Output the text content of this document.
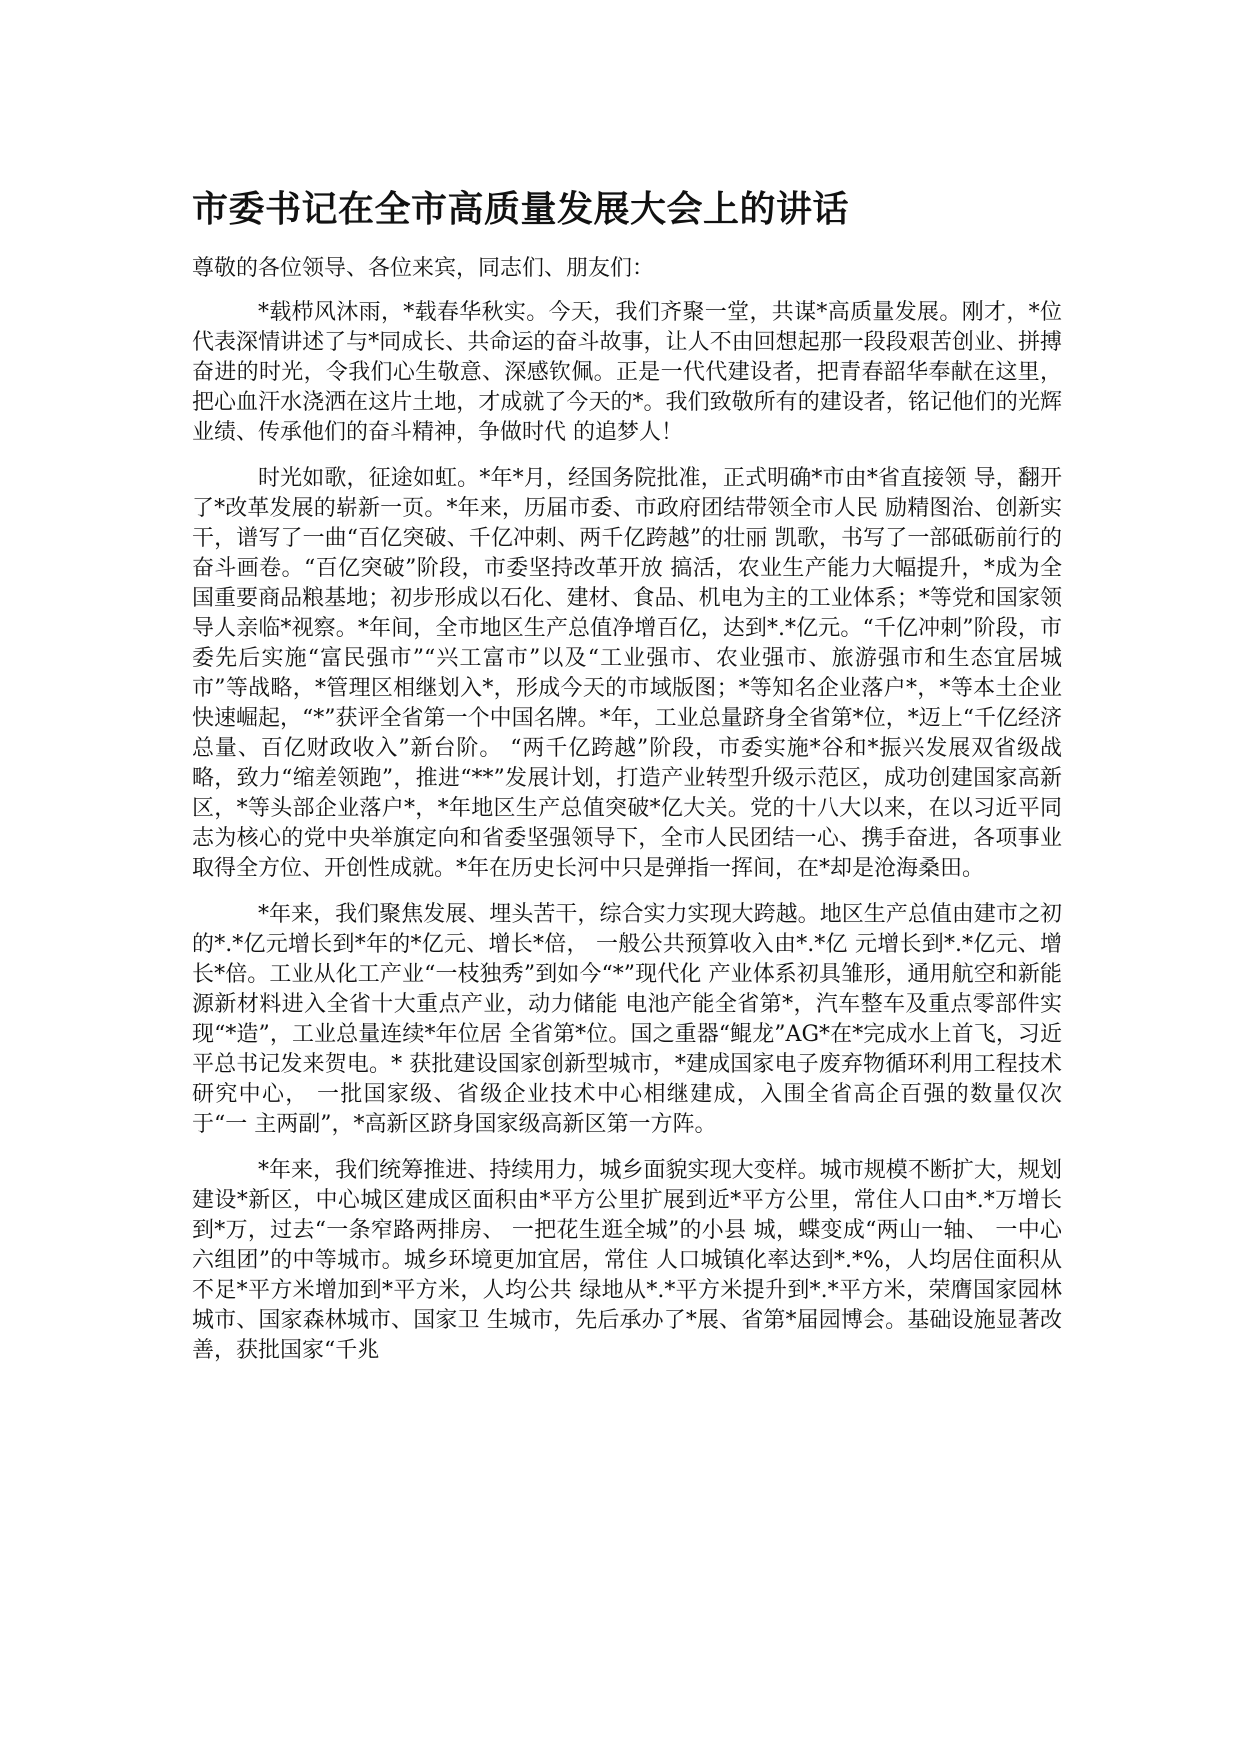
市委书记在全市高质量发展大会上的讲话

尊敬的各位领导、各位来宾，同志们、朋友们：

*载栉风沐雨，*载春华秋实。今天，我们齐聚一堂，共谋*高质量发展。刚才，*位代表深情讲述了与*同成长、共命运的奋斗故事，让人不由回想起那一段段艰苦创业、拼搏奋进的时光，令我们心生敬意、深感钦佩。正是一代代建设者，把青春韶华奉献在这里，把心血汗水浇洒在这片土地，才成就了今天的*。我们致敬所有的建设者，铭记他们的光辉业绩、传承他们的奋斗精神，争做时代 的追梦人！

时光如歌，征途如虹。*年*月，经国务院批准，正式明确*市由*省直接领 导，翻开了*改革发展的崭新一页。*年来，历届市委、市政府团结带领全市人民 励精图治、创新实干，谱写了一曲“百亿突破、千亿冲刺、两千亿跨越”的壮丽 凯歌，书写了一部砥砺前行的奋斗画卷。“百亿突破”阶段，市委坚持改革开放 搞活，农业生产能力大幅提升，*成为全国重要商品粮基地；初步形成以石化、建材、食品、机电为主的工业体系；*等党和国家领导人亲临*视察。*年间，全市地区生产总值净增百亿，达到*.*亿元。“千亿冲刺”阶段，市委先后实施“富民强市”“兴工富市”以及“工业强市、农业强市、旅游强市和生态宜居城市”等战略，*管理区相继划入*，形成今天的市域版图；*等知名企业落户*，*等本土企业快速崛起，“*”获评全省第一个中国名牌。*年，工业总量跻身全省第*位，*迈上“千亿经济总量、百亿财政收入”新台阶。 “两千亿跨越”阶段，市委实施*谷和*振兴发展双省级战略，致力“缩差领跑”，推进“**”发展计划，打造产业转型升级示范区，成功创建国家高新区，*等头部企业落户*，*年地区生产总值突破*亿大关。党的十八大以来，在以习近平同志为核心的党中央举旗定向和省委坚强领导下，全市人民团结一心、携手奋进，各项事业取得全方位、开创性成就。*年在历史长河中只是弹指一挥间，在*却是沧海桑田。

*年来，我们聚焦发展、埋头苦干，综合实力实现大跨越。地区生产总值由建市之初的*.*亿元增长到*年的*亿元、增长*倍， 一般公共预算收入由*.*亿 元增长到*.*亿元、增长*倍。工业从化工产业“一枝独秀”到如今“*”现代化 产业体系初具雏形，通用航空和新能源新材料进入全省十大重点产业，动力储能 电池产能全省第*，汽车整车及重点零部件实现“*造”，工业总量连续*年位居 全省第*位。国之重器“鲲龙”AG*在*完成水上首飞，习近平总书记发来贺电。* 获批建设国家创新型城市，*建成国家电子废弃物循环利用工程技术研究中心， 一批国家级、省级企业技术中心相继建成，入围全省高企百强的数量仅次于“一 主两副”，*高新区跻身国家级高新区第一方阵。

*年来，我们统筹推进、持续用力，城乡面貌实现大变样。城市规模不断扩大，规划建设*新区，中心城区建成区面积由*平方公里扩展到近*平方公里，常住人口由*.*万增长到*万，过去“一条窄路两排房、 一把花生逛全城”的小县 城，蝶变成“两山一轴、 一中心六组团”的中等城市。城乡环境更加宜居，常住 人口城镇化率达到*.*%，人均居住面积从不足*平方米增加到*平方米，人均公共 绿地从*.*平方米提升到*.*平方米，荣膺国家园林城市、国家森林城市、国家卫 生城市，先后承办了*展、省第*届园博会。基础设施显著改善，获批国家“千兆
